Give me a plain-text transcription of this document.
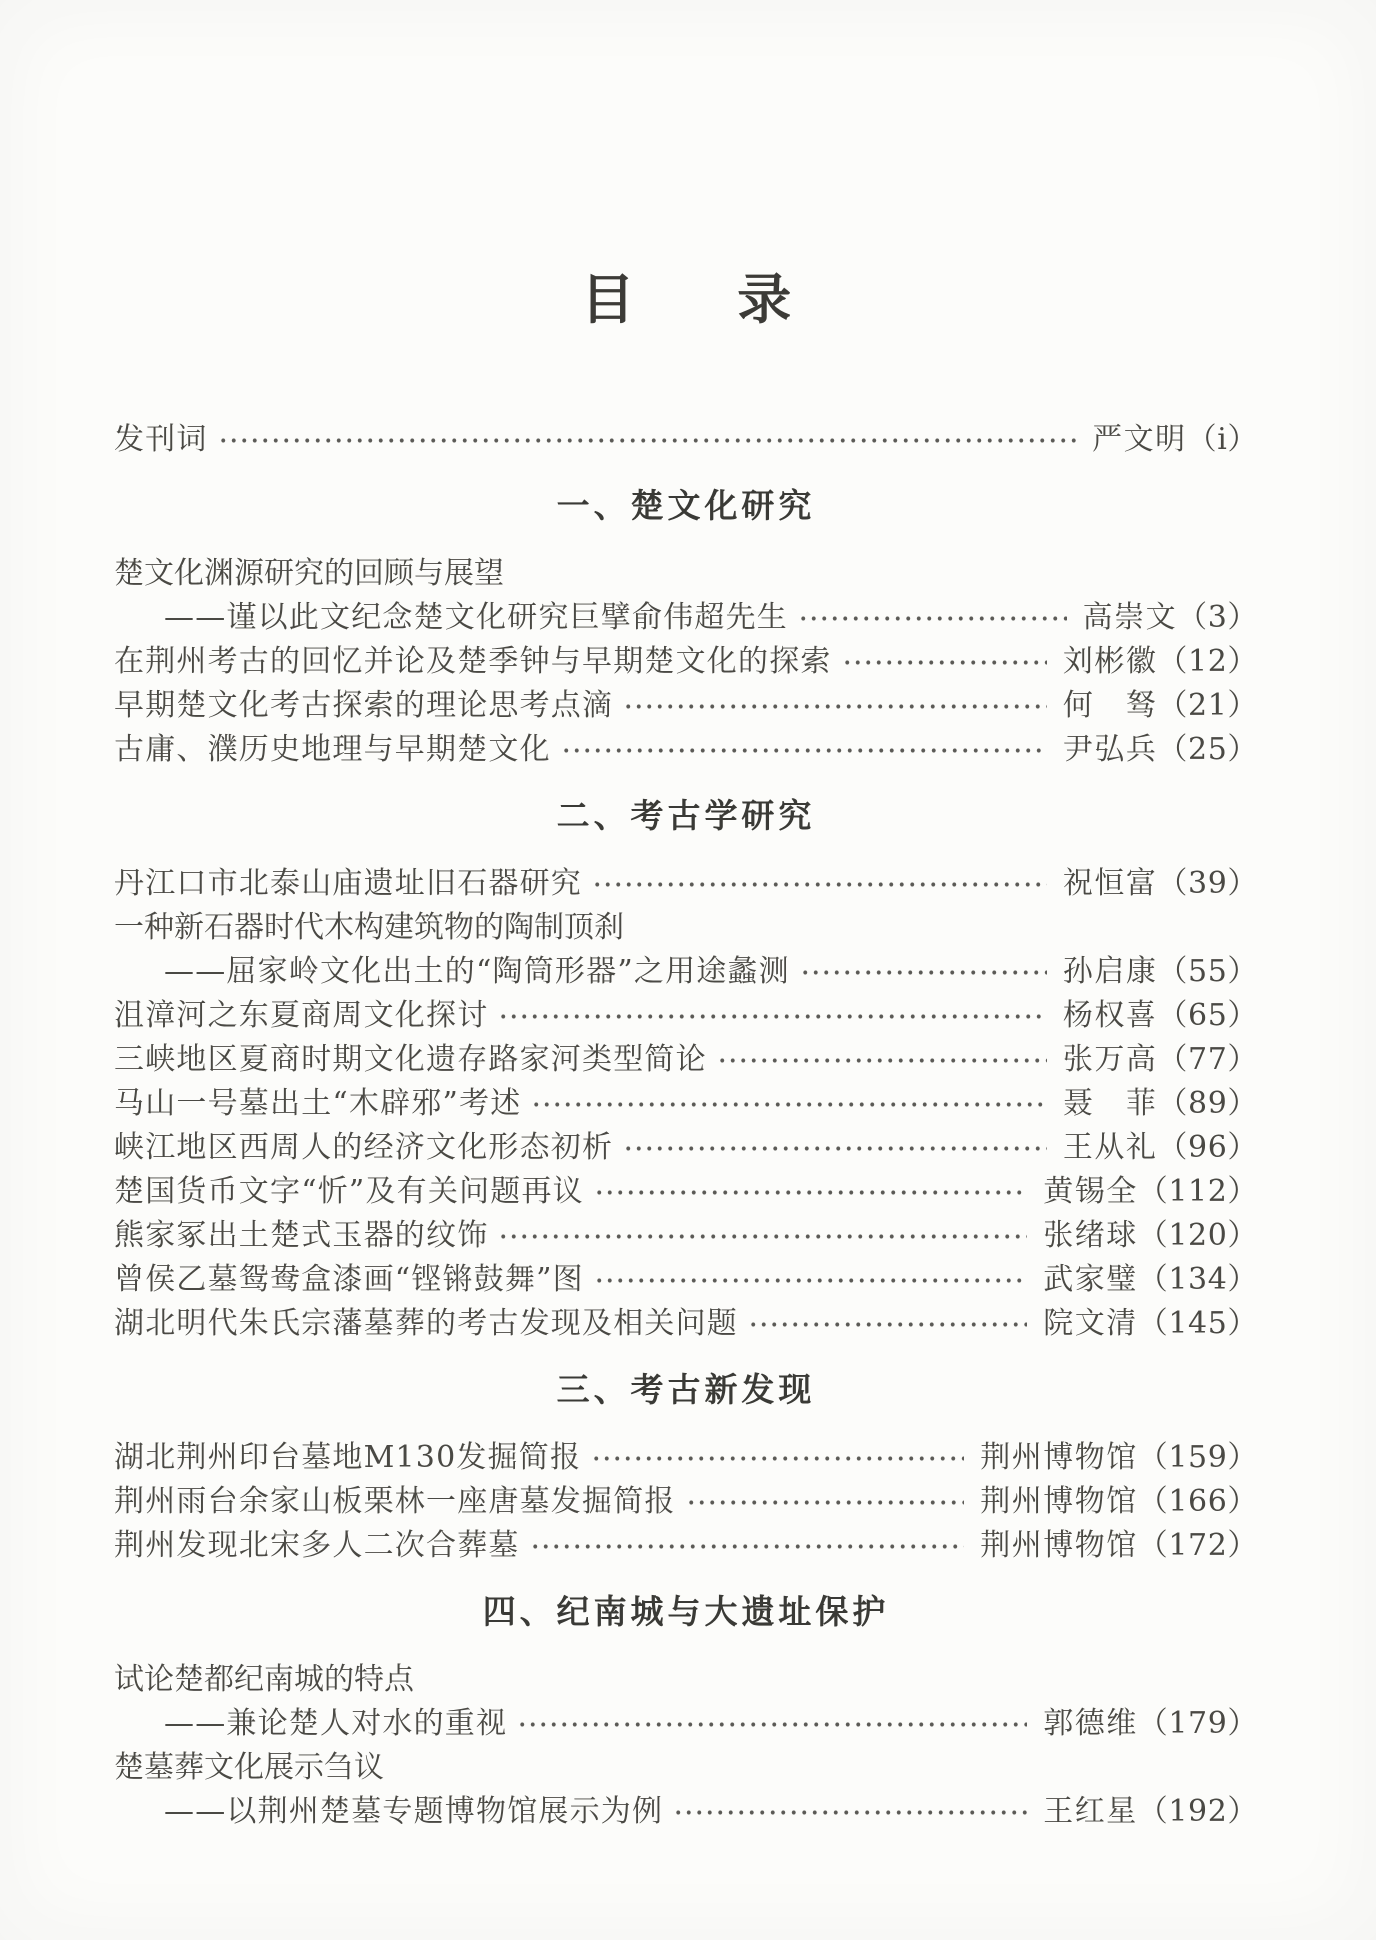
目　录
发刊词	严文明 （ⅰ）
一、楚文化研究
楚文化渊源研究的回顾与展望
——谨以此文纪念楚文化研究巨擘俞伟超先生	高崇文 （3）
在荆州考古的回忆并论及楚季钟与早期楚文化的探索	刘彬徽 （12）
早期楚文化考古探索的理论思考点滴	何　驽 （21）
古庸、濮历史地理与早期楚文化	尹弘兵 （25）
二、考古学研究
丹江口市北泰山庙遗址旧石器研究	祝恒富 （39）
一种新石器时代木构建筑物的陶制顶刹
——屈家岭文化出土的“陶筒形器”之用途蠡测	孙启康 （55）
沮漳河之东夏商周文化探讨	杨权喜 （65）
三峡地区夏商时期文化遗存路家河类型简论	张万高 （77）
马山一号墓出土“木辟邪”考述	聂　菲 （89）
峡江地区西周人的经济文化形态初析	王从礼 （96）
楚国货币文字“忻”及有关问题再议	黄锡全 （112）
熊家冢出土楚式玉器的纹饰	张绪球 （120）
曾侯乙墓鸳鸯盒漆画“铿锵鼓舞”图	武家璧 （134）
湖北明代朱氏宗藩墓葬的考古发现及相关问题	院文清 （145）
三、考古新发现
湖北荆州印台墓地M130发掘简报	荆州博物馆 （159）
荆州雨台余家山板栗林一座唐墓发掘简报	荆州博物馆 （166）
荆州发现北宋多人二次合葬墓	荆州博物馆 （172）
四、纪南城与大遗址保护
试论楚都纪南城的特点
——兼论楚人对水的重视	郭德维 （179）
楚墓葬文化展示刍议
——以荆州楚墓专题博物馆展示为例	王红星 （192）
